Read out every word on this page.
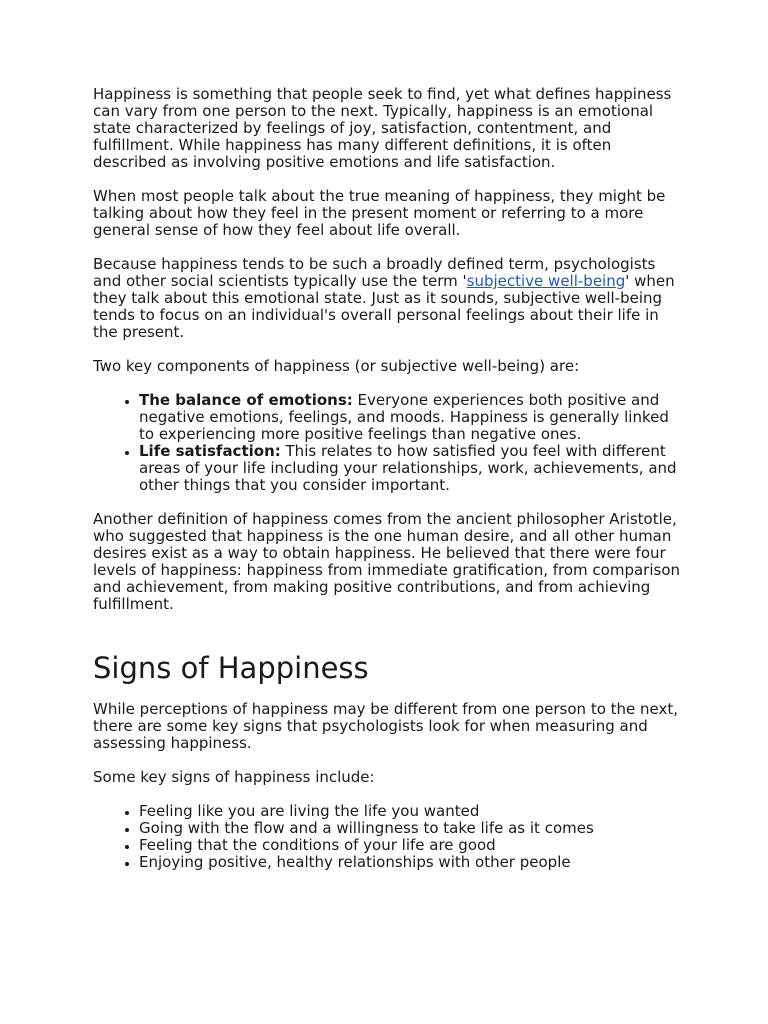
Happiness is something that people seek to find, yet what defines happiness can vary from one person to the next. Typically, happiness is an emotional state characterized by feelings of joy, satisfaction, contentment, and fulfillment. While happiness has many different definitions, it is often described as involving positive emotions and life satisfaction.

When most people talk about the true meaning of happiness, they might be talking about how they feel in the present moment or referring to a more general sense of how they feel about life overall.

Because happiness tends to be such a broadly defined term, psychologists and other social scientists typically use the term 'subjective well-being' when they talk about this emotional state. Just as it sounds, subjective well-being tends to focus on an individual's overall personal feelings about their life in the present.

Two key components of happiness (or subjective well-being) are:

• The balance of emotions: Everyone experiences both positive and negative emotions, feelings, and moods. Happiness is generally linked to experiencing more positive feelings than negative ones.
• Life satisfaction: This relates to how satisfied you feel with different areas of your life including your relationships, work, achievements, and other things that you consider important.

Another definition of happiness comes from the ancient philosopher Aristotle, who suggested that happiness is the one human desire, and all other human desires exist as a way to obtain happiness. He believed that there were four levels of happiness: happiness from immediate gratification, from comparison and achievement, from making positive contributions, and from achieving fulfillment.

Signs of Happiness

While perceptions of happiness may be different from one person to the next, there are some key signs that psychologists look for when measuring and assessing happiness.

Some key signs of happiness include:

• Feeling like you are living the life you wanted
• Going with the flow and a willingness to take life as it comes
• Feeling that the conditions of your life are good
• Enjoying positive, healthy relationships with other people
